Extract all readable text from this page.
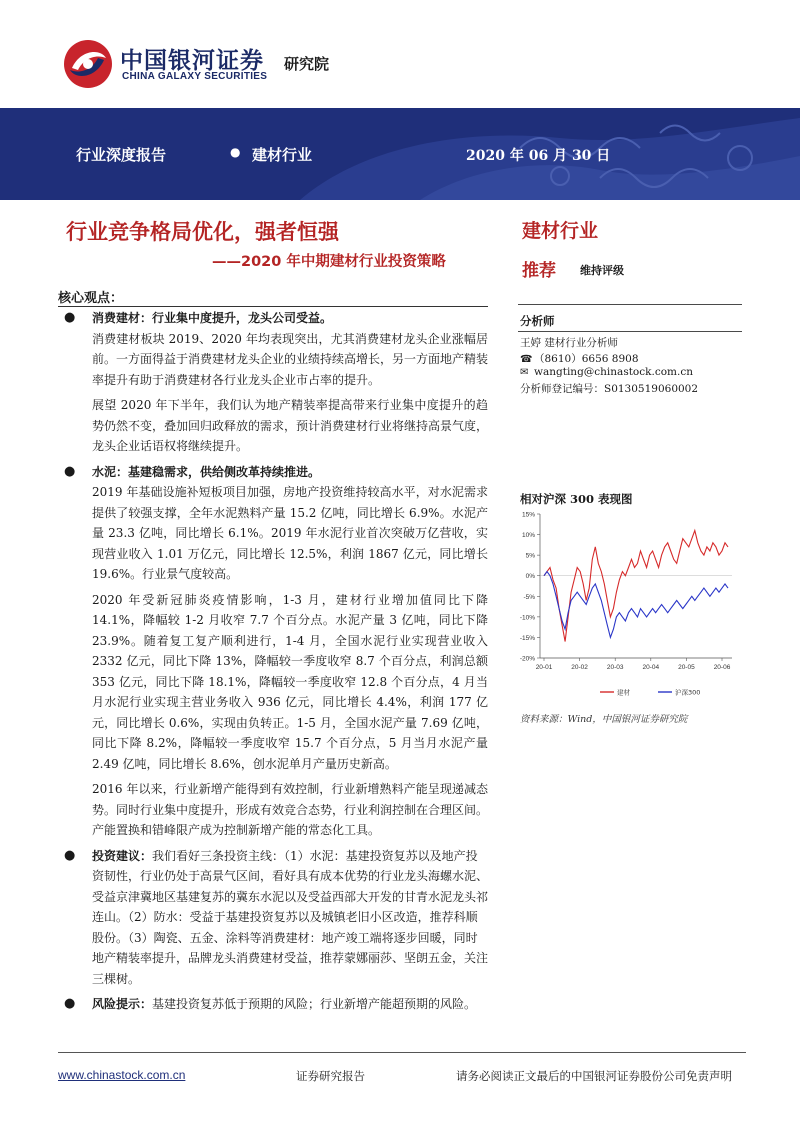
中国银河证券
CHINA GALAXY SECURITIES
研究院
行业深度报告	● 建材行业	2020 年 06 月 30 日
行业竞争格局优化，强者恒强
——2020 年中期建材行业投资策略
建材行业
推荐 维持评级
分析师
王婷 建材行业分析师
☎ （8610）6656 8908
✉ wangting@chinastock.com.cn
分析师登记编号：S0130519060002
相对沪深 300 表现图
15%
10%
5%
0%
-5%
-10%
-15%
-20%
20-01	20-02	20-03	20-04	20-05	20-06
建材	沪深300
资料来源：Wind，中国银河证券研究院
核心观点：
● 消费建材：行业集中度提升，龙头公司受益。
消费建材板块 2019、2020 年均表现突出，尤其消费建材龙头企业涨幅居前。一方面得益于消费建材龙头企业的业绩持续高增长，另一方面地产精装率提升有助于消费建材各行业龙头企业市占率的提升。
展望 2020 年下半年，我们认为地产精装率提高带来行业集中度提升的趋势仍然不变，叠加回归政释放的需求，预计消费建材行业将继持高景气度，龙头企业话语权将继续提升。
● 水泥：基建稳需求，供给侧改革持续推进。
2019 年基础设施补短板项目加强，房地产投资维持较高水平，对水泥需求提供了较强支撑，全年水泥熟料产量 15.2 亿吨，同比增长 6.9%。水泥产量 23.3 亿吨，同比增长 6.1%。2019 年水泥行业首次突破万亿营收，实现营业收入 1.01 万亿元，同比增长 12.5%，利润 1867 亿元，同比增长 19.6%。行业景气度较高。
2020 年受新冠肺炎疫情影响，1-3 月，建材行业增加值同比下降 14.1%，降幅较 1-2 月收窄 7.7 个百分点。水泥产量 3 亿吨，同比下降 23.9%。随着复工复产顺利进行，1-4 月，全国水泥行业实现营业收入 2332 亿元，同比下降 13%，降幅较一季度收窄 8.7 个百分点，利润总额 353 亿元，同比下降 18.1%，降幅较一季度收窄 12.8 个百分点，4 月当月水泥行业实现主营业务收入 936 亿元，同比增长 4.4%，利润 177 亿元，同比增长 0.6%，实现由负转正。1-5 月，全国水泥产量 7.69 亿吨，同比下降 8.2%，降幅较一季度收窄 15.7 个百分点，5 月当月水泥产量 2.49 亿吨，同比增长 8.6%，创水泥单月产量历史新高。
2016 年以来，行业新增产能得到有效控制，行业新增熟料产能呈现递减态势。同时行业集中度提升，形成有效竞合态势，行业利润控制在合理区间。产能置换和错峰限产成为控制新增产能的常态化工具。
● 投资建议：我们看好三条投资主线：（1）水泥：基建投资复苏以及地产投资韧性，行业仍处于高景气区间，看好具有成本优势的行业龙头海螺水泥、受益京津冀地区基建复苏的冀东水泥以及受益西部大开发的甘青水泥龙头祁连山。（2）防水：受益于基建投资复苏以及城镇老旧小区改造，推荐科顺股份。（3）陶瓷、五金、涂料等消费建材：地产竣工端将逐步回暖，同时地产精装率提升，品牌龙头消费建材受益，推荐蒙娜丽莎、坚朗五金，关注三棵树。
● 风险提示：基建投资复苏低于预期的风险；行业新增产能超预期的风险。
www.chinastock.com.cn	证券研究报告	请务必阅读正文最后的中国银河证券股份公司免责声明
